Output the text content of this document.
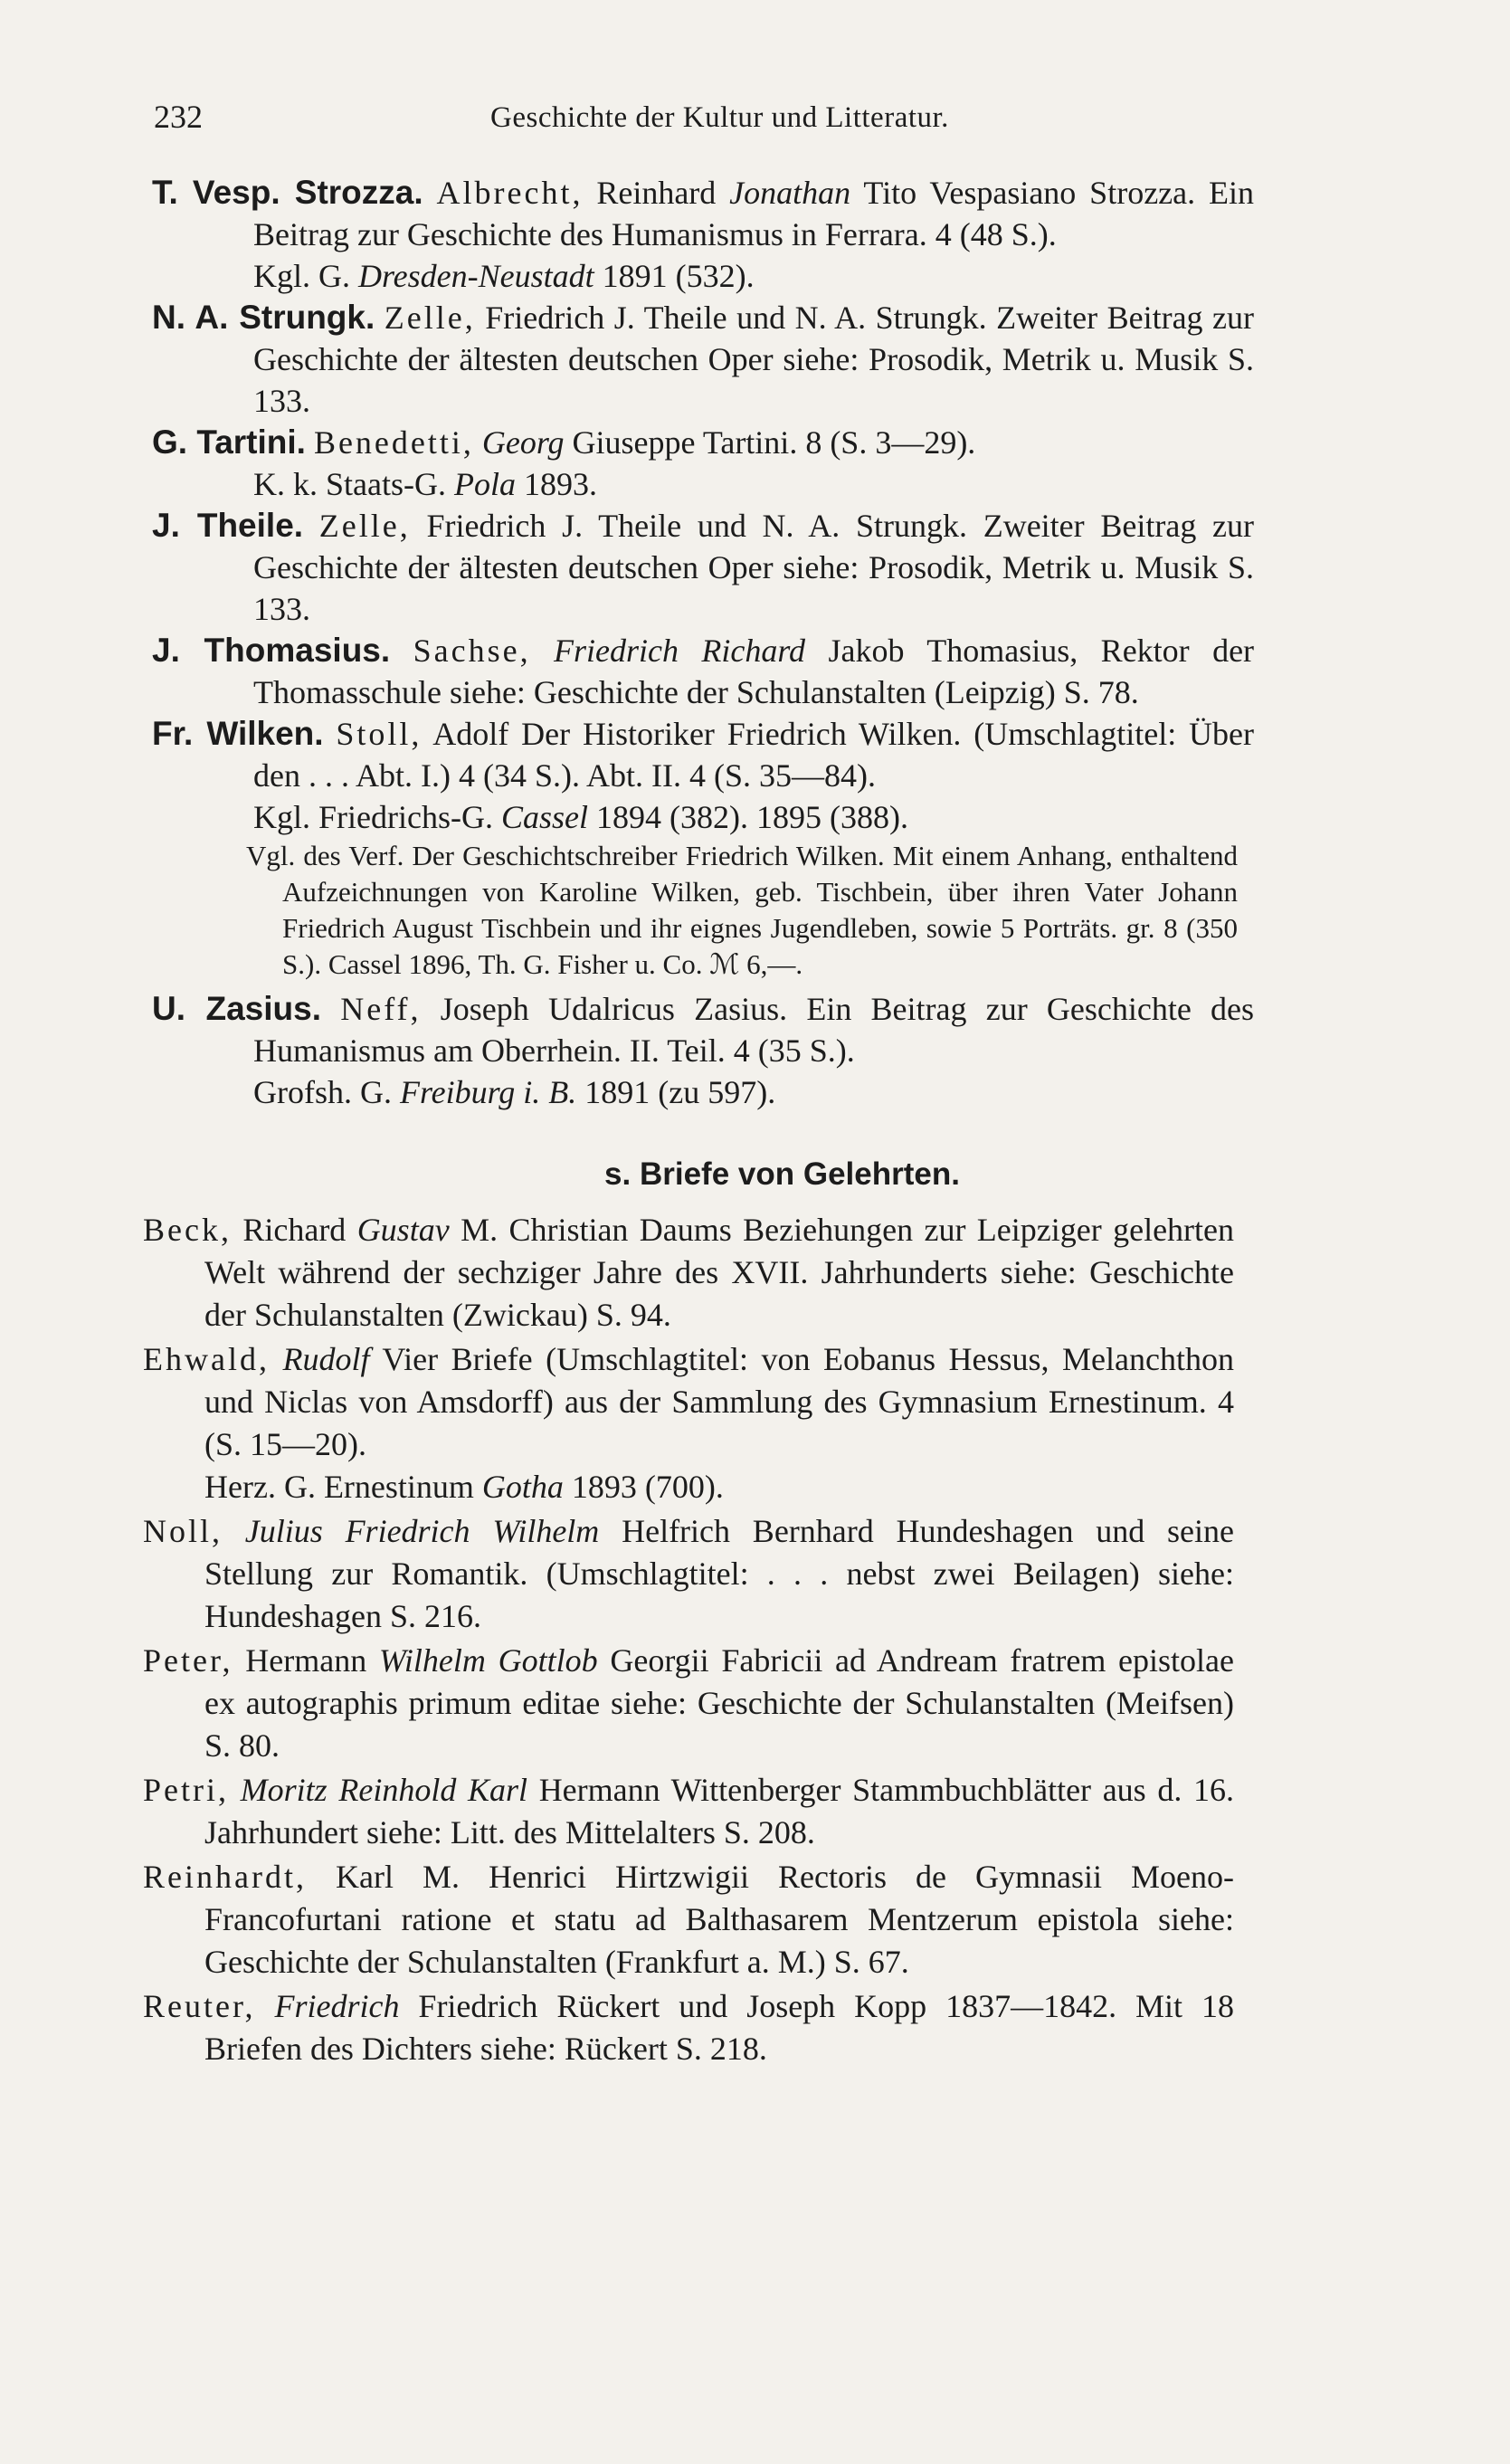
232	Geschichte der Kultur und Litteratur.

T. Vesp. Strozza. Albrecht, Reinhard Jonathan Tito Vespasiano Strozza. Ein Beitrag zur Geschichte des Humanismus in Ferrara. 4 (48 S.).

Kgl. G. Dresden-Neustadt 1891 (532).

N. A. Strungk. Zelle, Friedrich J. Theile und N. A. Strungk. Zweiter Beitrag zur Geschichte der ältesten deutschen Oper siehe: Prosodik, Metrik u. Musik S. 133.

G. Tartini. Benedetti, Georg Giuseppe Tartini. 8 (S. 3—29).

K. k. Staats-G. Pola 1893.

J. Theile. Zelle, Friedrich J. Theile und N. A. Strungk. Zweiter Beitrag zur Geschichte der ältesten deutschen Oper siehe: Prosodik, Metrik u. Musik S. 133.

J. Thomasius. Sachse, Friedrich Richard Jakob Thomasius, Rektor der Thomasschule siehe: Geschichte der Schulanstalten (Leipzig) S. 78.

Fr. Wilken. Stoll, Adolf Der Historiker Friedrich Wilken. (Umschlagtitel: Über den . . . Abt. I.) 4 (34 S.). Abt. II. 4 (S. 35—84).

Kgl. Friedrichs-G. Cassel 1894 (382). 1895 (388).

Vgl. des Verf. Der Geschichtschreiber Friedrich Wilken. Mit einem Anhang, enthaltend Aufzeichnungen von Karoline Wilken, geb. Tischbein, über ihren Vater Johann Friedrich August Tischbein und ihr eignes Jugendleben, sowie 5 Porträts. gr. 8 (350 S.). Cassel 1896, Th. G. Fisher u. Co. ℳ 6,—.

U. Zasius. Neff, Joseph Udalricus Zasius. Ein Beitrag zur Geschichte des Humanismus am Oberrhein. II. Teil. 4 (35 S.).

Grofsh. G. Freiburg i. B. 1891 (zu 597).

s. Briefe von Gelehrten.
Beck, Richard Gustav M. Christian Daums Beziehungen zur Leipziger gelehrten Welt während der sechziger Jahre des XVII. Jahrhunderts siehe: Geschichte der Schulanstalten (Zwickau) S. 94.

Ehwald, Rudolf Vier Briefe (Umschlagtitel: von Eobanus Hessus, Melanchthon und Niclas von Amsdorff) aus der Sammlung des Gymnasium Ernestinum. 4 (S. 15—20).

Herz. G. Ernestinum Gotha 1893 (700).

Noll, Julius Friedrich Wilhelm Helfrich Bernhard Hundeshagen und seine Stellung zur Romantik. (Umschlagtitel: . . . nebst zwei Beilagen) siehe: Hundeshagen S. 216.
Peter, Hermann Wilhelm Gottlob Georgii Fabricii ad Andream fratrem epistolae ex autographis primum editae siehe: Geschichte der Schulanstalten (Meifsen) S. 80.
Petri, Moritz Reinhold Karl Hermann Wittenberger Stammbuchblätter aus d. 16. Jahrhundert siehe: Litt. des Mittelalters S. 208.
Reinhardt, Karl M. Henrici Hirtzwigii Rectoris de Gymnasii Moeno-Francofurtani ratione et statu ad Balthasarem Mentzerum epistola siehe: Geschichte der Schulanstalten (Frankfurt a. M.) S. 67.
Reuter, Friedrich Friedrich Rückert und Joseph Kopp 1837—1842. Mit 18 Briefen des Dichters siehe: Rückert S. 218.
